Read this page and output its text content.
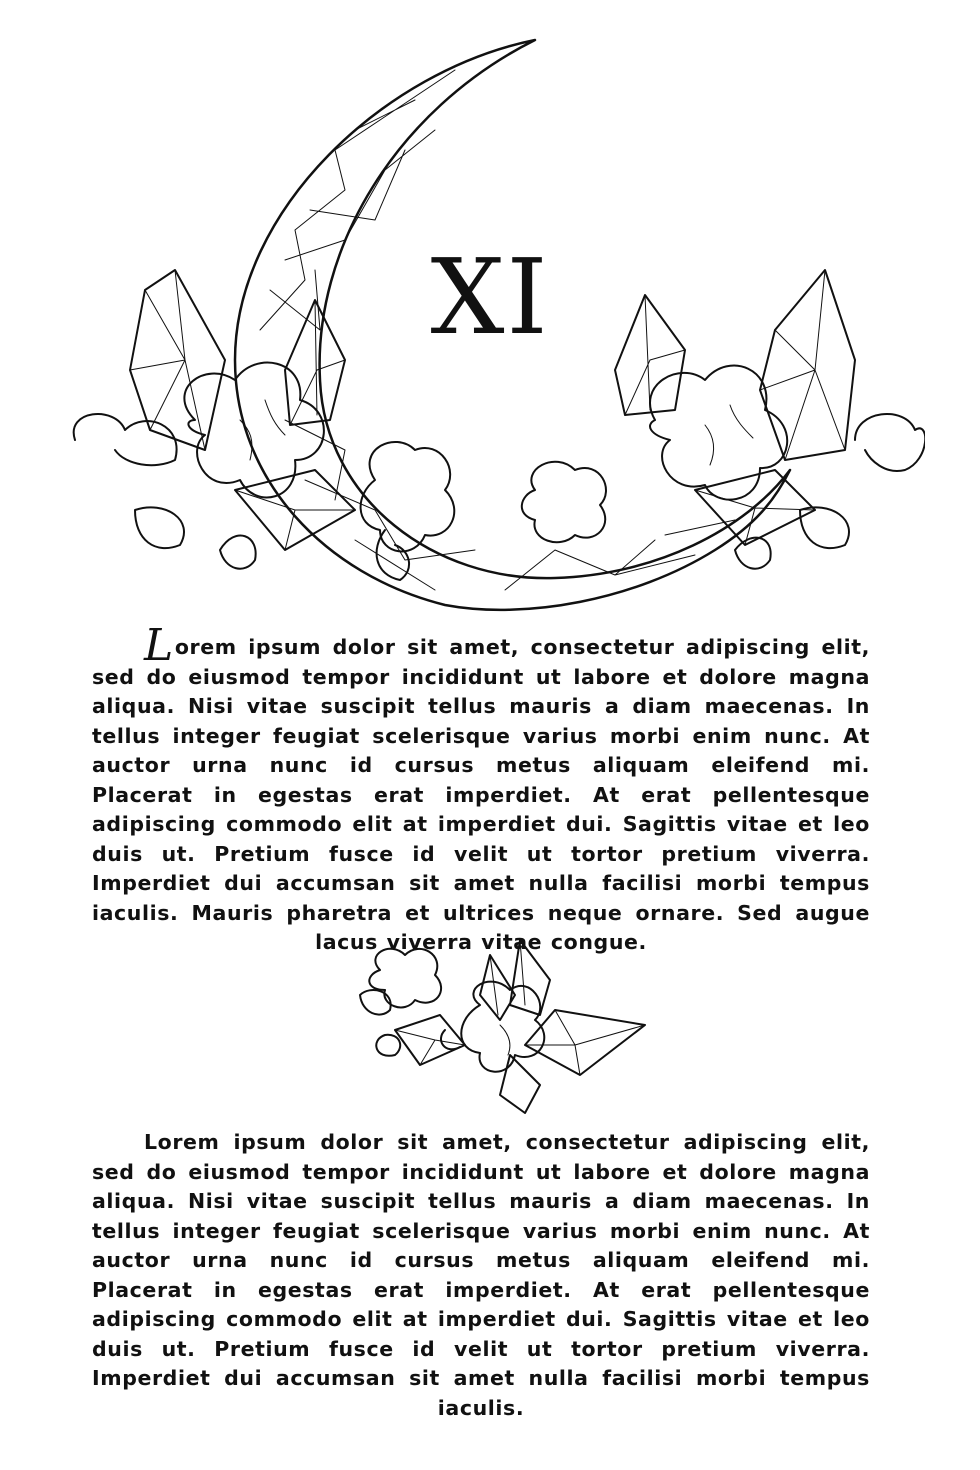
XI

Lorem ipsum dolor sit amet, consectetur adipiscing elit, sed do eiusmod tempor incididunt ut labore et dolore magna aliqua. Nisi vitae suscipit tellus mauris a diam maecenas. In tellus integer feugiat scelerisque varius morbi enim nunc. At auctor urna nunc id cursus metus aliquam eleifend mi. Placerat in egestas erat imperdiet. At erat pellentesque adipiscing commodo elit at imperdiet dui. Sagittis vitae et leo duis ut. Pretium fusce id velit ut tortor pretium viverra. Imperdiet dui accumsan sit amet nulla facilisi morbi tempus iaculis. Mauris pharetra et ultrices neque ornare. Sed augue lacus viverra vitae congue.

Lorem ipsum dolor sit amet, consectetur adipiscing elit, sed do eiusmod tempor incididunt ut labore et dolore magna aliqua. Nisi vitae suscipit tellus mauris a diam maecenas. In tellus integer feugiat scelerisque varius morbi enim nunc. At auctor urna nunc id cursus metus aliquam eleifend mi. Placerat in egestas erat imperdiet. At erat pellentesque adipiscing commodo elit at imperdiet dui. Sagittis vitae et leo duis ut. Pretium fusce id velit ut tortor pretium viverra. Imperdiet dui accumsan sit amet nulla facilisi morbi tempus iaculis.
